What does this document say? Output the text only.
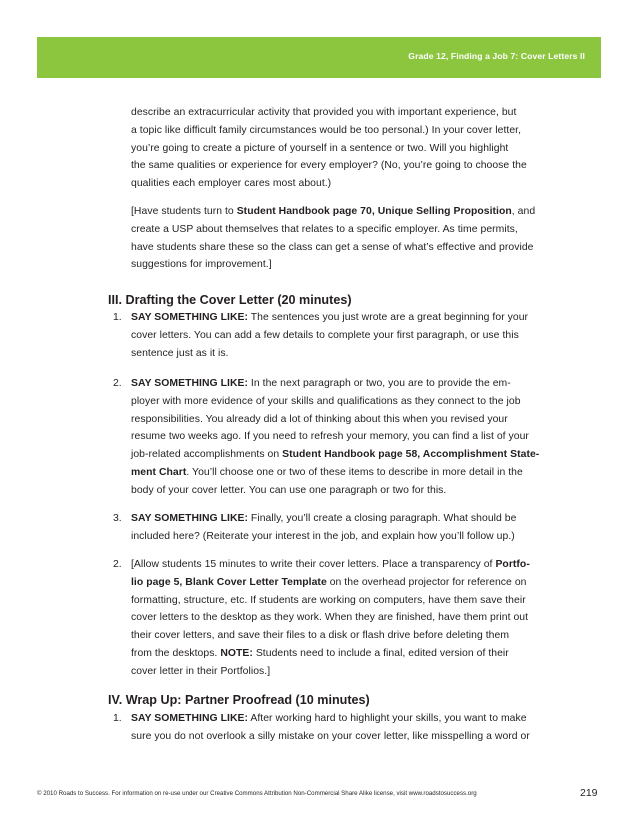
Grade 12, Finding a Job 7: Cover Letters II
describe an extracurricular activity that provided you with important experience, but
a topic like difficult family circumstances would be too personal.) In your cover letter,
you’re going to create a picture of yourself in a sentence or two. Will you highlight
the same qualities or experience for every employer? (No, you’re going to choose the
qualities each employer cares most about.)
[Have students turn to Student Handbook page 70, Unique Selling Proposition, and
create a USP about themselves that relates to a specific employer. As time permits,
have students share these so the class can get a sense of what’s effective and provide
suggestions for improvement.]
III. Drafting the Cover Letter (20 minutes)
1. SAY SOMETHING LIKE: The sentences you just wrote are a great beginning for your
cover letters. You can add a few details to complete your first paragraph, or use this
sentence just as it is.
2. SAY SOMETHING LIKE: In the next paragraph or two, you are to provide the em-
ployer with more evidence of your skills and qualifications as they connect to the job
responsibilities. You already did a lot of thinking about this when you revised your
resume two weeks ago. If you need to refresh your memory, you can find a list of your
job-related accomplishments on Student Handbook page 58, Accomplishment State-
ment Chart. You’ll choose one or two of these items to describe in more detail in the
body of your cover letter. You can use one paragraph or two for this.
3. SAY SOMETHING LIKE: Finally, you’ll create a closing paragraph. What should be
included here? (Reiterate your interest in the job, and explain how you’ll follow up.)
2. [Allow students 15 minutes to write their cover letters. Place a transparency of Portfo-
lio page 5, Blank Cover Letter Template on the overhead projector for reference on
formatting, structure, etc. If students are working on computers, have them save their
cover letters to the desktop as they work. When they are finished, have them print out
their cover letters, and save their files to a disk or flash drive before deleting them
from the desktops. NOTE: Students need to include a final, edited version of their
cover letter in their Portfolios.]
IV. Wrap Up: Partner Proofread (10 minutes)
1. SAY SOMETHING LIKE: After working hard to highlight your skills, you want to make
sure you do not overlook a silly mistake on your cover letter, like misspelling a word or
© 2010 Roads to Success. For information on re-use under our Creative Commons Attribution Non-Commercial Share Alike license, visit www.roadstosuccess.org	219
